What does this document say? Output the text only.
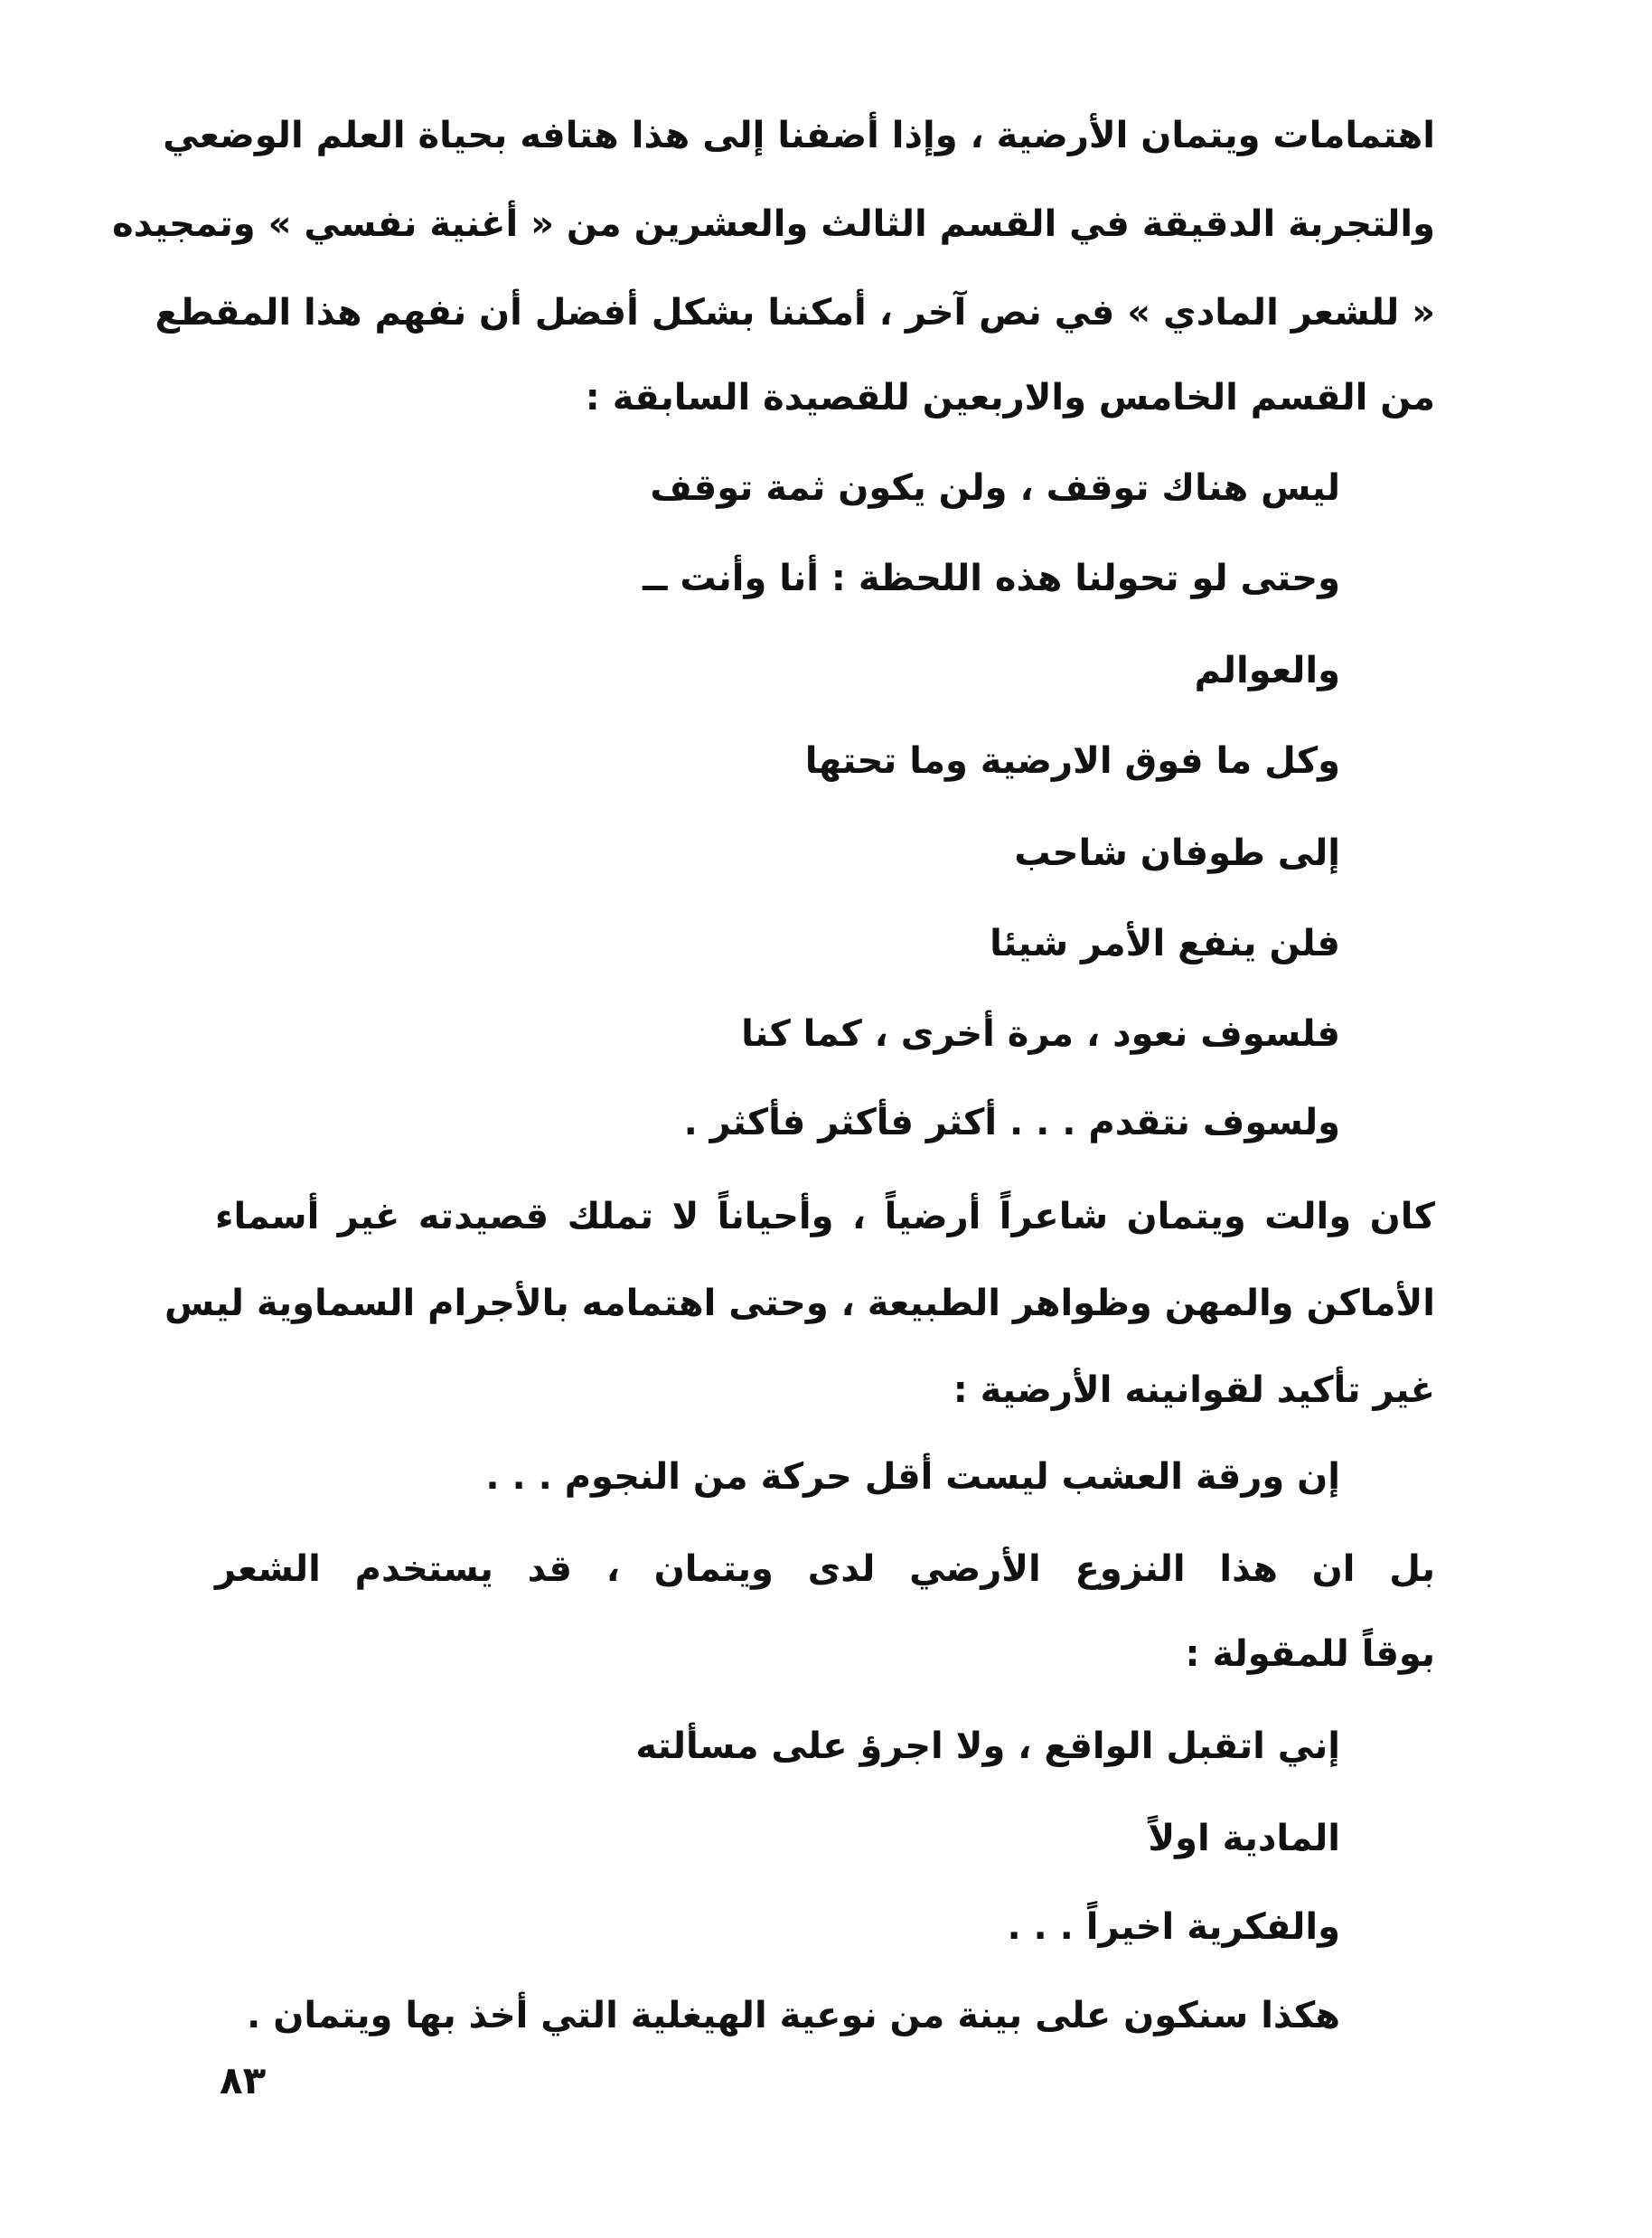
اهتمامات ويتمان الأرضية ، وإذا أضفنا إلى هذا هتافه بحياة العلم الوضعي
والتجربة الدقيقة في القسم الثالث والعشرين من « أغنية نفسي » وتمجيده
« للشعر المادي » في نص آخر ، أمكننا بشكل أفضل أن نفهم هذا المقطع
من القسم الخامس والاربعين للقصيدة السابقة :
ليس هناك توقف ، ولن يكون ثمة توقف
وحتى لو تحولنا هذه اللحظة : أنا وأنت ــ
والعوالم
وكل ما فوق الارضية وما تحتها
إلى طوفان شاحب
فلن ينفع الأمر شيئا
فلسوف نعود ، مرة أخرى ، كما كنا
ولسوف نتقدم . . . أكثر فأكثر فأكثر .
كان والت ويتمان شاعراً أرضياً ، وأحياناً لا تملك قصيدته غير أسماء
الأماكن والمهن وظواهر الطبيعة ، وحتى اهتمامه بالأجرام السماوية ليس
غير تأكيد لقوانينه الأرضية :
إن ورقة العشب ليست أقل حركة من النجوم . . .
بل ان هذا النزوع الأرضي لدى ويتمان ، قد يستخدم الشعر
بوقاً للمقولة :
إني اتقبل الواقع ، ولا اجرؤ على مسألته
المادية اولاً
والفكرية اخيراً . . .
هكذا سنكون على بينة من نوعية الهيغلية التي أخذ بها ويتمان .
٨٣
